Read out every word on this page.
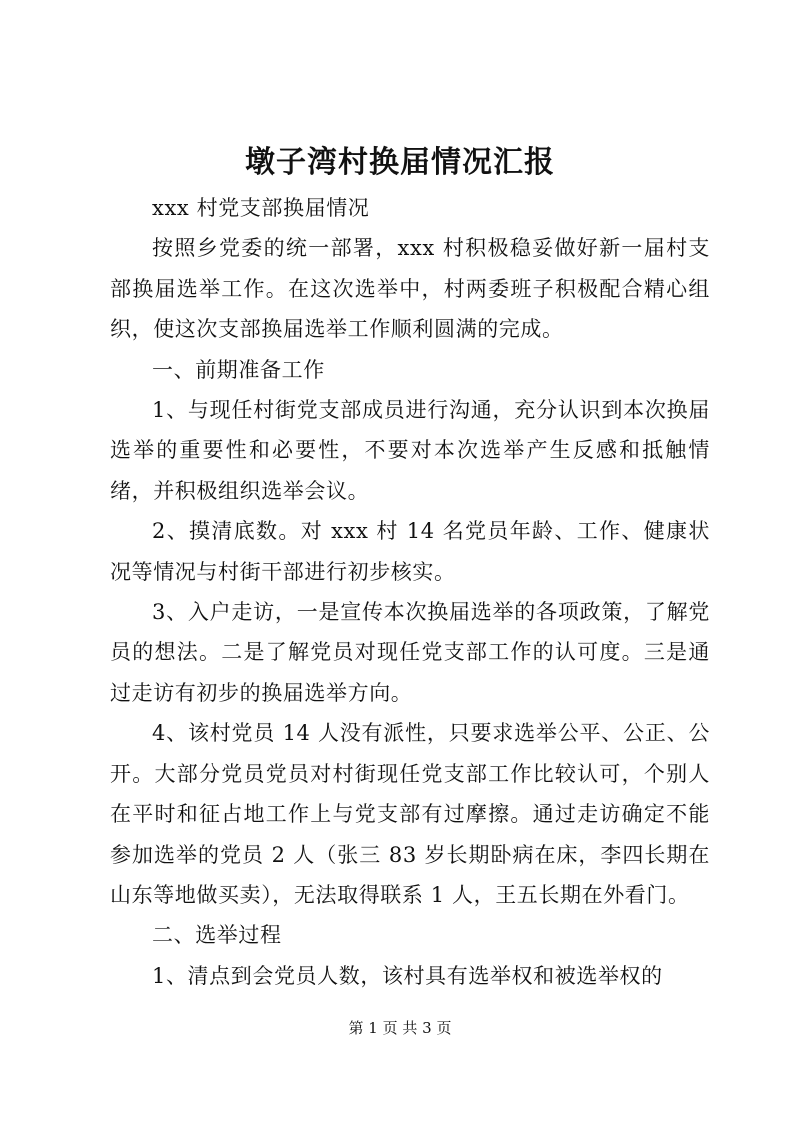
墩子湾村换届情况汇报

xxx 村党支部换届情况

按照乡党委的统一部署，xxx 村积极稳妥做好新一届村支部换届选举工作。在这次选举中，村两委班子积极配合精心组织，使这次支部换届选举工作顺利圆满的完成。

一、前期准备工作

1、与现任村街党支部成员进行沟通，充分认识到本次换届选举的重要性和必要性，不要对本次选举产生反感和抵触情绪，并积极组织选举会议。

2、摸清底数。对 xxx 村 14 名党员年龄、工作、健康状况等情况与村街干部进行初步核实。

3、入户走访，一是宣传本次换届选举的各项政策，了解党员的想法。二是了解党员对现任党支部工作的认可度。三是通过走访有初步的换届选举方向。

4、该村党员 14 人没有派性，只要求选举公平、公正、公开。大部分党员党员对村街现任党支部工作比较认可，个别人在平时和征占地工作上与党支部有过摩擦。通过走访确定不能参加选举的党员 2 人（张三 83 岁长期卧病在床，李四长期在山东等地做买卖），无法取得联系 1 人，王五长期在外看门。

二、选举过程

1、清点到会党员人数，该村具有选举权和被选举权的

第 1 页 共 3 页
